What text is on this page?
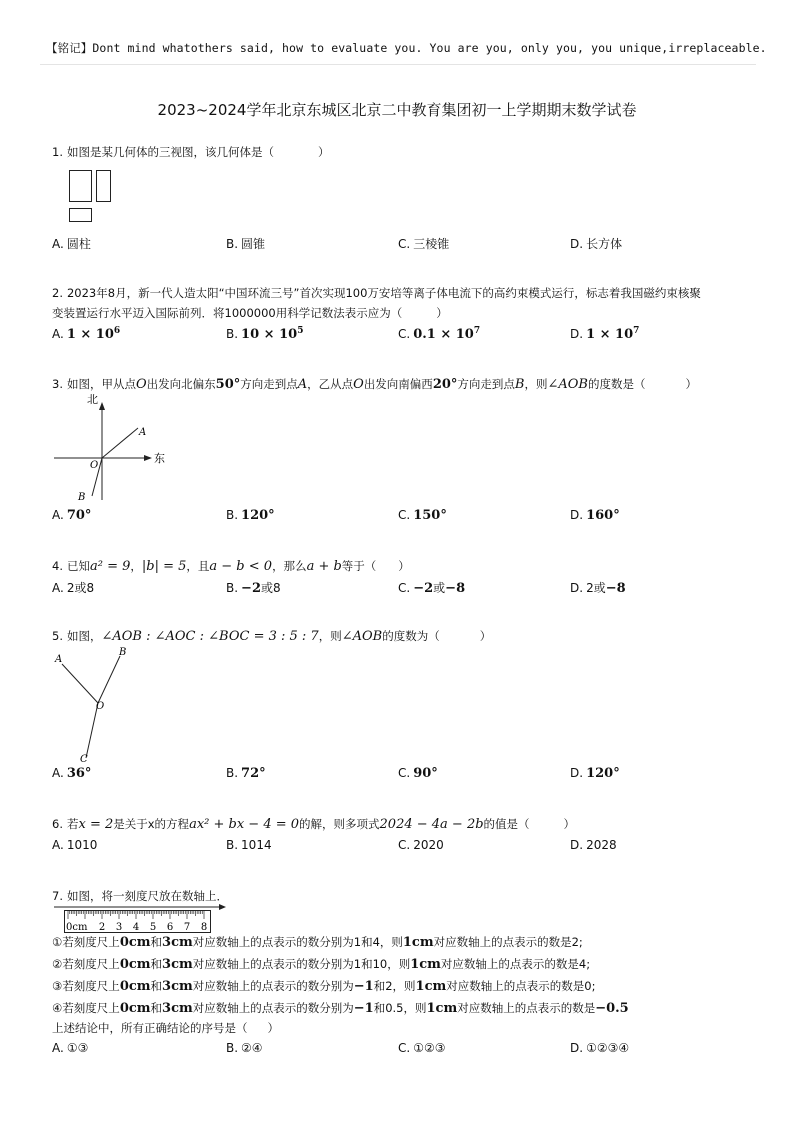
【铭记】Dont mind whatothers said, how to evaluate you. You are you, only you, you unique,irreplaceable.
2023~2024学年北京东城区北京二中教育集团初一上学期期末数学试卷
1. 如图是某几何体的三视图，该几何体是（	）
A. 圆柱	B. 圆锥	C. 三棱锥	D. 长方体
2. 2023年8月，新一代人造太阳“中国环流三号”首次实现100万安培等离子体电流下的高约束模式运行，标志着我国磁约束核聚
变装置运行水平迈入国际前列．将1000000用科学记数法表示应为（	）
A. $1 \times 10^6$	B. $10 \times 10^5$	C. $0.1 \times 10^7$	D. $1 \times 10^7$
3. 如图，甲从点O出发向北偏东50°方向走到点A，乙从点O出发向南偏西20°方向走到点B，则∠AOB的度数是（	）
北
东
A
B
O
A. 70°	B. 120°	C. 150°	D. 160°
4. 已知a² = 9，|b| = 5，且a − b < 0，那么a + b等于（ ）
A. 2或8	B. −2或8	C. −2或−8	D. 2或−8
5. 如图，∠AOB : ∠AOC : ∠BOC = 3 : 5 : 7，则∠AOB的度数为（	）
A
B
O
C
A. 36°	B. 72°	C. 90°	D. 120°
6. 若x = 2是关于x的方程ax² + bx − 4 = 0的解，则多项式2024 − 4a − 2b的值是（	）
A. 1010	B. 1014	C. 2020	D. 2028
7. 如图，将一刻度尺放在数轴上．
0cm 2 3 4 5 6 7 8
①若刻度尺上0cm和3cm对应数轴上的点表示的数分别为1和4，则1cm对应数轴上的点表示的数是2;
②若刻度尺上0cm和3cm对应数轴上的点表示的数分别为1和10，则1cm对应数轴上的点表示的数是4;
③若刻度尺上0cm和3cm对应数轴上的点表示的数分别为−1和2，则1cm对应数轴上的点表示的数是0;
④若刻度尺上0cm和3cm对应数轴上的点表示的数分别为−1和0.5，则1cm对应数轴上的点表示的数是−0.5
上述结论中，所有正确结论的序号是（ ）
A. ①③	B. ②④	C. ①②③	D. ①②③④
